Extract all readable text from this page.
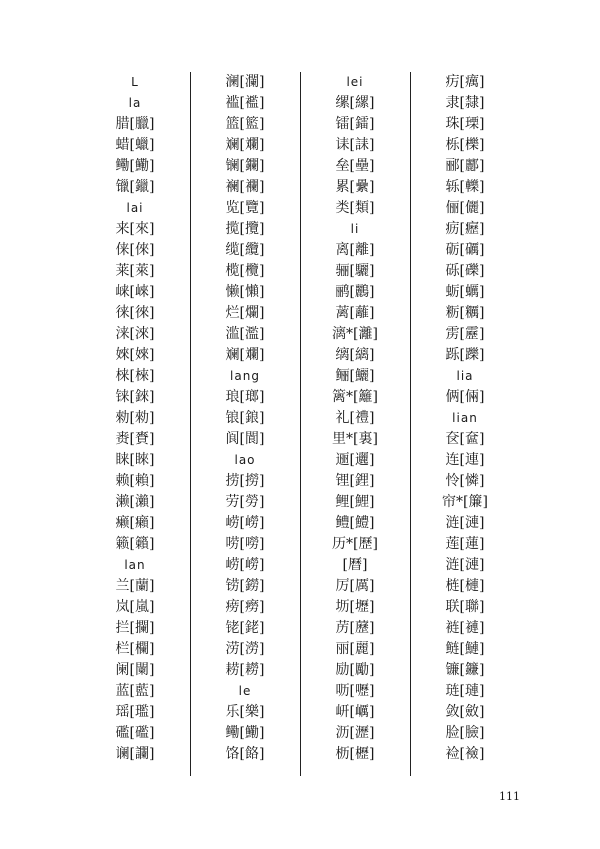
L
la
腊[臘]
蜡[蠟]
鳓[鰳]
镴[鑞]
lai
来[來]
俫[倈]
莱[萊]
崃[崍]
徕[徠]
涞[淶]
婡[婡]
梾[棶]
铼[錸]
勑[勑]
赉[賚]
睐[睞]
赖[賴]
濑[瀨]
癞[癩]
籁[籟]
lan
兰[蘭]
岚[嵐]
拦[攔]
栏[欄]
阑[闌]
蓝[藍]
瑶[璼]
礛[礛]
谰[讕]
澜[瀾]
褴[襤]
篮[籃]
斓[斕]
镧[鑭]
襕[襴]
览[覽]
揽[攬]
缆[纜]
榄[欖]
懒[懶]
烂[爛]
滥[濫]
斓[斕]
lang
琅[瑯]
锒[鋃]
阆[閬]
lao
捞[撈]
劳[勞]
崂[嶗]
唠[嘮]
崂[嶗]
铹[鐒]
痨[癆]
铑[銠]
涝[澇]
耢[耮]
le
乐[樂]
鳓[鰳]
饹[餎]
lei
缧[縲]
镭[鐳]
诔[誄]
垒[壘]
累[纍]
类[類]
li
离[離]
骊[驪]
鹂[鸝]
蓠[蘺]
漓*[灕]
缡[縭]
鲡[鱺]
篱*[籬]
礼[禮]
里*[裏]
逦[邐]
锂[鋰]
鲤[鯉]
鳢[鱧]
历*[歷]
[曆]
厉[厲]
坜[壢]
苈[藶]
丽[麗]
励[勵]
呖[嚦]
岍[巁]
沥[瀝]
枥[櫪]
疠[癘]
隶[隸]
珠[瑮]
栎[櫟]
郦[酈]
轹[轢]
俪[儷]
疬[癧]
砺[礪]
砾[礫]
蛎[蠣]
粝[糲]
雳[靂]
跞[躒]
lia
俩[倆]
lian
奁[奩]
连[連]
怜[憐]
帘*[簾]
涟[漣]
莲[蓮]
涟[漣]
梿[槤]
联[聯]
裢[褳]
鲢[鰱]
镰[鐮]
琏[璉]
敛[斂]
脸[臉]
裣[襝]
111
